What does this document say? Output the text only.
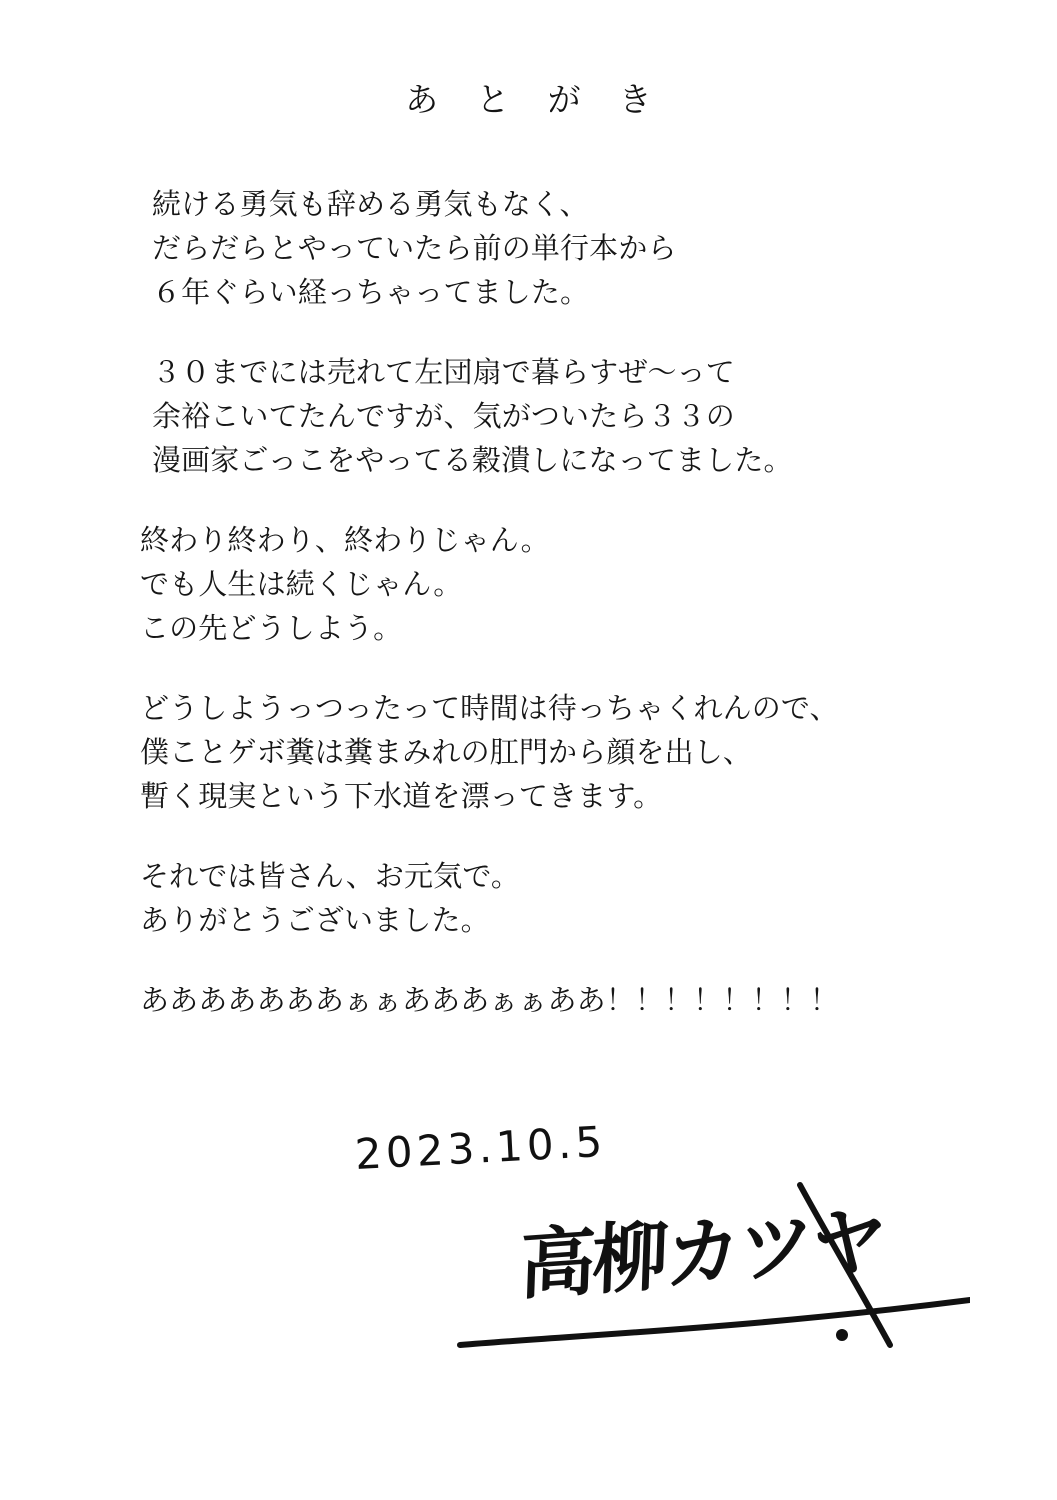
あ と が き
続ける勇気も辞める勇気もなく、
だらだらとやっていたら前の単行本から
６年ぐらい経っちゃってました。
３０までには売れて左団扇で暮らすぜ～って
余裕こいてたんですが、気がついたら３３の
漫画家ごっこをやってる穀潰しになってました。
終わり終わり、終わりじゃん。
でも人生は続くじゃん。
この先どうしよう。
どうしようっつったって時間は待っちゃくれんので、
僕ことゲボ糞は糞まみれの肛門から顔を出し、
暫く現実という下水道を漂ってきます。
それでは皆さん、お元気で。
ありがとうございました。
あああああああぁぁあああぁぁああ！！！！！！！！
2023.10.5
高柳カツヤ
